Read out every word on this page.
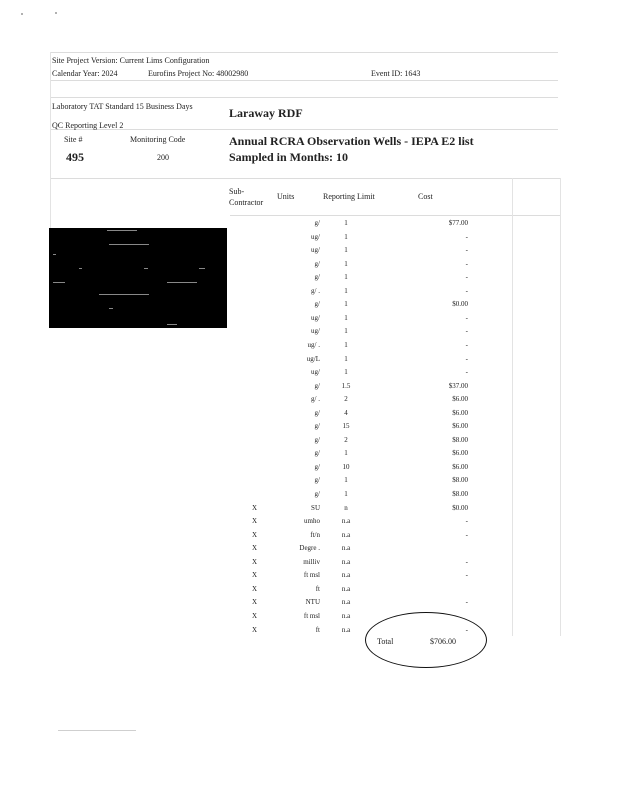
Site Project Version: Current Lims Configuration
Calendar Year: 2024	Eurofins Project No: 48002980	Event ID: 1643
Laboratory TAT Standard 15 Business Days
QC Reporting Level 2
Site #
495
Monitoring Code
200
Laraway RDF
Annual RCRA Observation Wells - IEPA E2 list
Sampled in Months: 10
Sub-
Contractor
Units	Reporting Limit	Cost
g/	1	$77.00
ug/	1	-
ug/	1	-
g/	1	-
g/	1	-
g/ .	1	-
g/	1	$0.00
ug/	1	-
ug/	1	-
ug/ .	1	-
ug/L	1	-
ug/	1	-
g/	1.5	$37.00
g/ .	2	$6.00
g/	4	$6.00
g/	15	$6.00
g/	2	$8.00
g/	1	$6.00
g/	10	$6.00
g/	1	$8.00
g/	1	$8.00
X	SU	n	$0.00
X	umho	n.a	-
X	ft/n	n.a	-
X	Degre .	n.a
X	milliv	n.a	-
X	ft msl	n.a	-
X	ft	n.a
X	NTU	n.a	-
X	ft msl	n.a
X	ft	n.a	-
Total	$706.00
